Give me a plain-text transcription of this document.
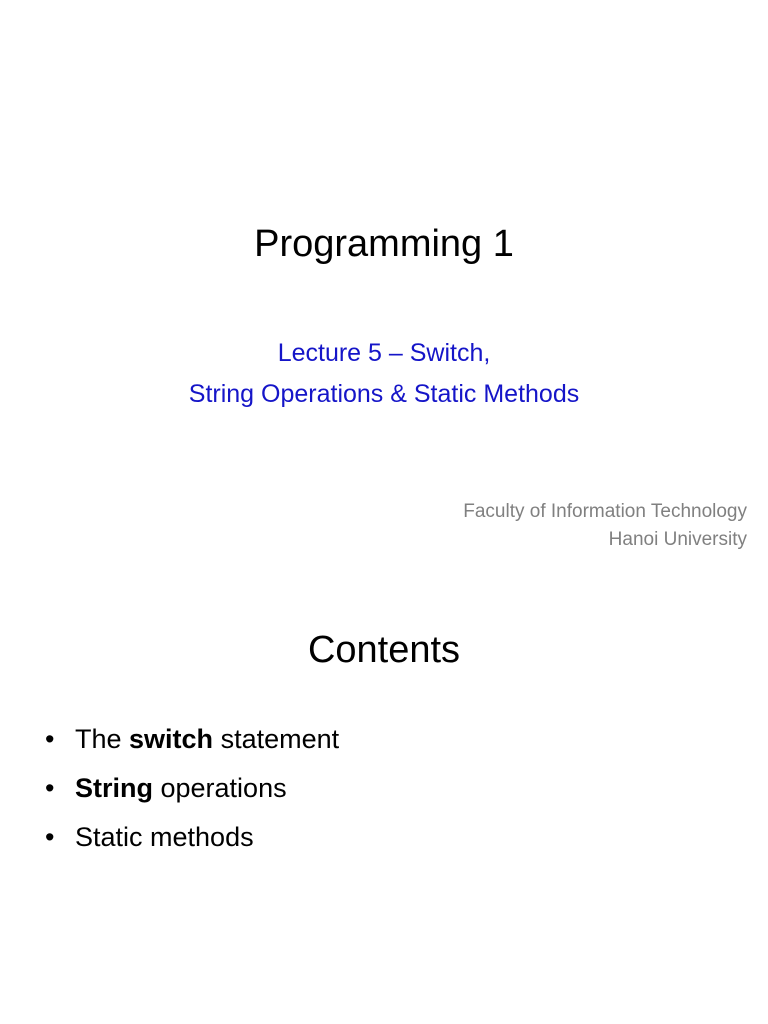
Programming 1
Lecture 5 – Switch,
String Operations & Static Methods
Faculty of Information Technology
Hanoi University
Contents
• The switch statement
• String operations
• Static methods
